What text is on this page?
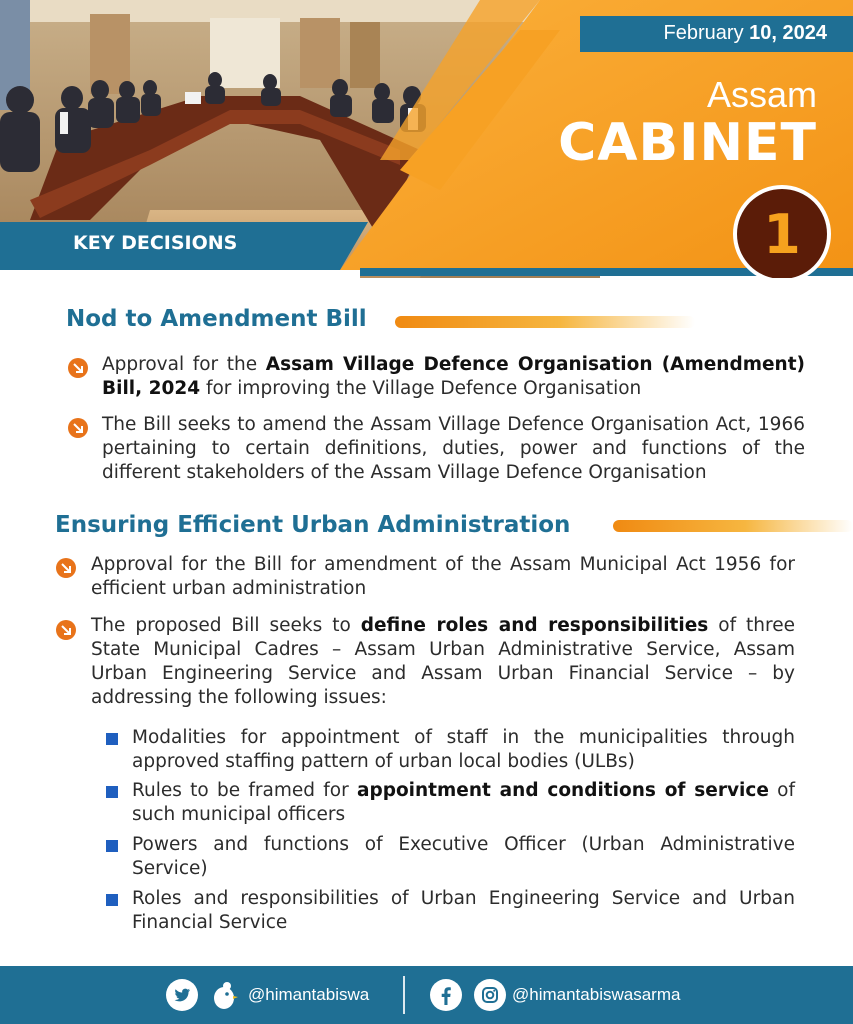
February 10, 2024
Assam
CABINET
1
KEY DECISIONS
Nod to Amendment Bill
Approval for the Assam Village Defence Organisation (Amendment) Bill, 2024 for improving the Village Defence Organisation
The Bill seeks to amend the Assam Village Defence Organisation Act, 1966 pertaining to certain definitions, duties, power and functions of the different stakeholders of the Assam Village Defence Organisation
Ensuring Efficient Urban Administration
Approval for the Bill for amendment of the Assam Municipal Act 1956 for efficient urban administration
The proposed Bill seeks to define roles and responsibilities of three State Municipal Cadres – Assam Urban Administrative Service, Assam Urban Engineering Service and Assam Urban Financial Service – by addressing the following issues:
Modalities for appointment of staff in the municipalities through approved staffing pattern of urban local bodies (ULBs)
Rules to be framed for appointment and conditions of service of such municipal officers
Powers and functions of Executive Officer (Urban Administrative Service)
Roles and responsibilities of Urban Engineering Service and Urban Financial Service
@himantabiswa	@himantabiswasarma
